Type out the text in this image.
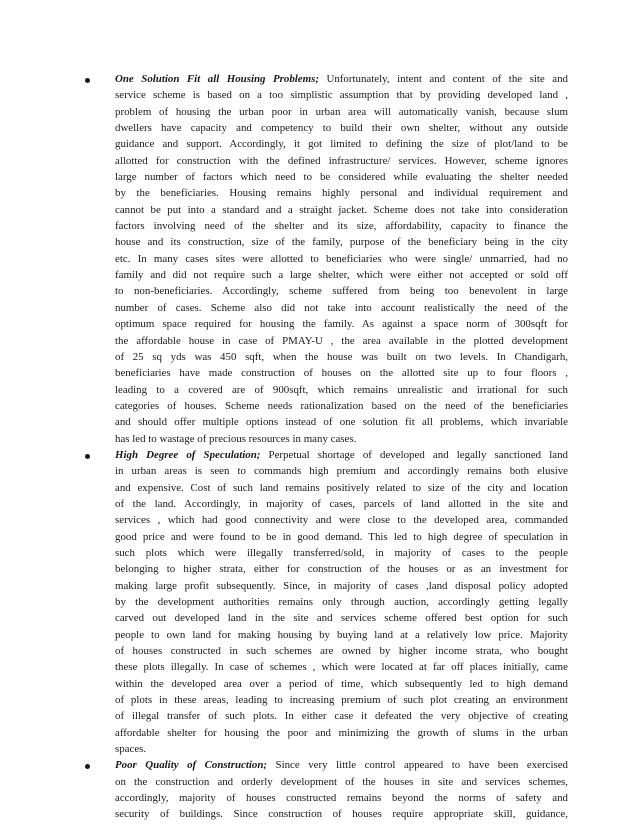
One Solution Fit all Housing Problems; Unfortunately, intent and content of the site and
service scheme is based on a too simplistic assumption that by providing developed land ,
problem of housing the urban poor in urban area will automatically vanish, because slum
dwellers have capacity and competency to build their own shelter, without any outside
guidance and support. Accordingly, it got limited to defining the size of plot/land to be
allotted for construction with the defined infrastructure/ services. However, scheme ignores
large number of factors which need to be considered while evaluating the shelter needed
by the beneficiaries. Housing remains highly personal and individual requirement and
cannot be put into a standard and a straight jacket. Scheme does not take into consideration
factors involving need of the shelter and its size, affordability, capacity to finance the
house and its construction, size of the family, purpose of the beneficiary being in the city
etc. In many cases sites were allotted to beneficiaries who were single/ unmarried, had no
family and did not require such a large shelter, which were either not accepted or sold off
to non-beneficiaries. Accordingly, scheme suffered from being too benevolent in large
number of cases. Scheme also did not take into account realistically the need of the
optimum space required for housing the family. As against a space norm of 300sqft for
the affordable house in case of PMAY-U , the area available in the plotted development
of 25 sq yds was 450 sqft, when the house was built on two levels. In Chandigarh,
beneficiaries have made construction of houses on the allotted site up to four floors ,
leading to a covered are of 900sqft, which remains unrealistic and irrational for such
categories of houses. Scheme needs rationalization based on the need of the beneficiaries
and should offer multiple options instead of one solution fit all problems, which invariable
has led to wastage of precious resources in many cases.
High Degree of Speculation; Perpetual shortage of developed and legally sanctioned land
in urban areas is seen to commands high premium and accordingly remains both elusive
and expensive. Cost of such land remains positively related to size of the city and location
of the land. Accordingly, in majority of cases, parcels of land allotted in the site and
services , which had good connectivity and were close to the developed area, commanded
good price and were found to be in good demand. This led to high degree of speculation in
such plots which were illegally transferred/sold, in majority of cases to the people
belonging to higher strata, either for construction of the houses or as an investment for
making large profit subsequently. Since, in majority of cases ,land disposal policy adopted
by the development authorities remains only through auction, accordingly getting legally
carved out developed land in the site and services scheme offered best option for such
people to own land for making housing by buying land at a relatively low price. Majority
of houses constructed in such schemes are owned by higher income strata, who bought
these plots illegally. In case of schemes , which were located at far off places initially, came
within the developed area over a period of time, which subsequently led to high demand
of plots in these areas, leading to increasing premium of such plot creating an environment
of illegal transfer of such plots. In either case it defeated the very objective of creating
affordable shelter for housing the poor and minimizing the growth of slums in the urban
spaces.
Poor Quality of Construction; Since very little control appeared to have been exercised
on the construction and orderly development of the houses in site and services schemes,
accordingly, majority of houses constructed remains beyond the norms of safety and
security of buildings. Since construction of houses require appropriate skill, guidance,
